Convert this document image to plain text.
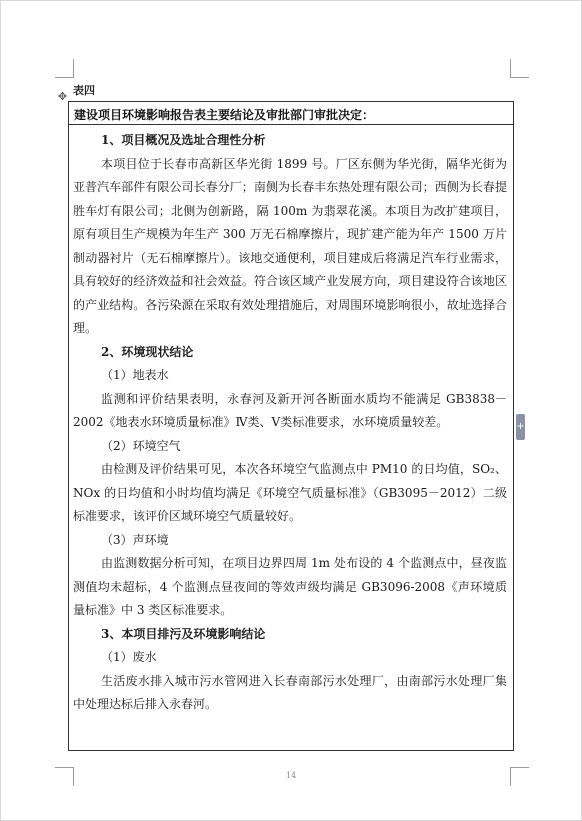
表四
✥
建设项目环境影响报告表主要结论及审批部门审批决定：

1、项目概况及选址合理性分析

本项目位于长春市高新区华光街 1899 号。厂区东侧为华光街，隔华光街为亚普汽车部件有限公司长春分厂；南侧为长春丰东热处理有限公司；西侧为长春提胜车灯有限公司；北侧为创新路，隔 100m 为翡翠花溪。本项目为改扩建项目，原有项目生产规模为年生产 300 万无石棉摩擦片，现扩建产能为年产 1500 万片制动器衬片（无石棉摩擦片）。该地交通便利，项目建成后将满足汽车行业需求，具有较好的经济效益和社会效益。符合该区域产业发展方向，项目建设符合该地区的产业结构。各污染源在采取有效处理措施后，对周围环境影响很小，故址选择合理。

2、环境现状结论

（1）地表水

监测和评价结果表明，永春河及新开河各断面水质均不能满足 GB3838－2002《地表水环境质量标准》Ⅳ类、Ⅴ类标准要求，水环境质量较差。

（2）环境空气

由检测及评价结果可见，本次各环境空气监测点中 PM10 的日均值，SO₂、NOx 的日均值和小时均值均满足《环境空气质量标准》（GB3095－2012）二级标准要求，该评价区域环境空气质量较好。

（3）声环境

由监测数据分析可知，在项目边界四周 1m 处布设的 4 个监测点中，昼夜监测值均未超标，4 个监测点昼夜间的等效声级均满足 GB3096-2008《声环境质量标准》中 3 类区标准要求。

3、本项目排污及环境影响结论

（1）废水

生活废水排入城市污水管网进入长春南部污水处理厂，由南部污水处理厂集中处理达标后排入永春河。

+
14
